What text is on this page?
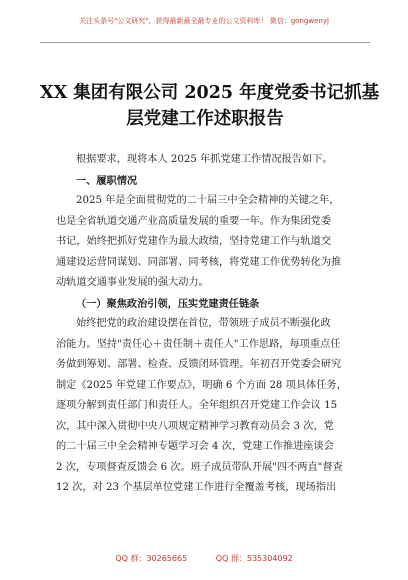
关注头条号"公文研究"，获得最新最全最专业的公文资料库！ 微信：gongwenyj
XX 集团有限公司 2025 年度党委书记抓基
层党建工作述职报告

根据要求，现将本人 2025 年抓党建工作情况报告如下。

一、履职情况

2025 年是全面贯彻党的二十届三中全会精神的关键之年，

也是全省轨道交通产业高质量发展的重要一年。作为集团党委

书记，始终把抓好党建作为最大政绩，坚持党建工作与轨道交

通建设运营同谋划、同部署、同考核，将党建工作优势转化为推

动轨道交通事业发展的强大动力。

（一）聚焦政治引领，压实党建责任链条

始终把党的政治建设摆在首位，带领班子成员不断强化政

治能力。坚持"责任心＋责任制＋责任人"工作思路，每项重点任

务做到筹划、部署、检查、反馈闭环管理。年初召开党委会研究

制定《2025 年党建工作要点》，明确 6 个方面 28 项具体任务，

逐项分解到责任部门和责任人。全年组织召开党建工作会议 15

次，其中深入贯彻中央八项规定精神学习教育动员会 3 次，党

的二十届三中全会精神专题学习会 4 次，党建工作推进座谈会

2 次，专项督查反馈会 6 次。班子成员带队开展"四不两直"督查

12 次，对 23 个基层单位党建工作进行全覆盖考核，现场指出

QQ 群：30265665	QQ 群：535304092
